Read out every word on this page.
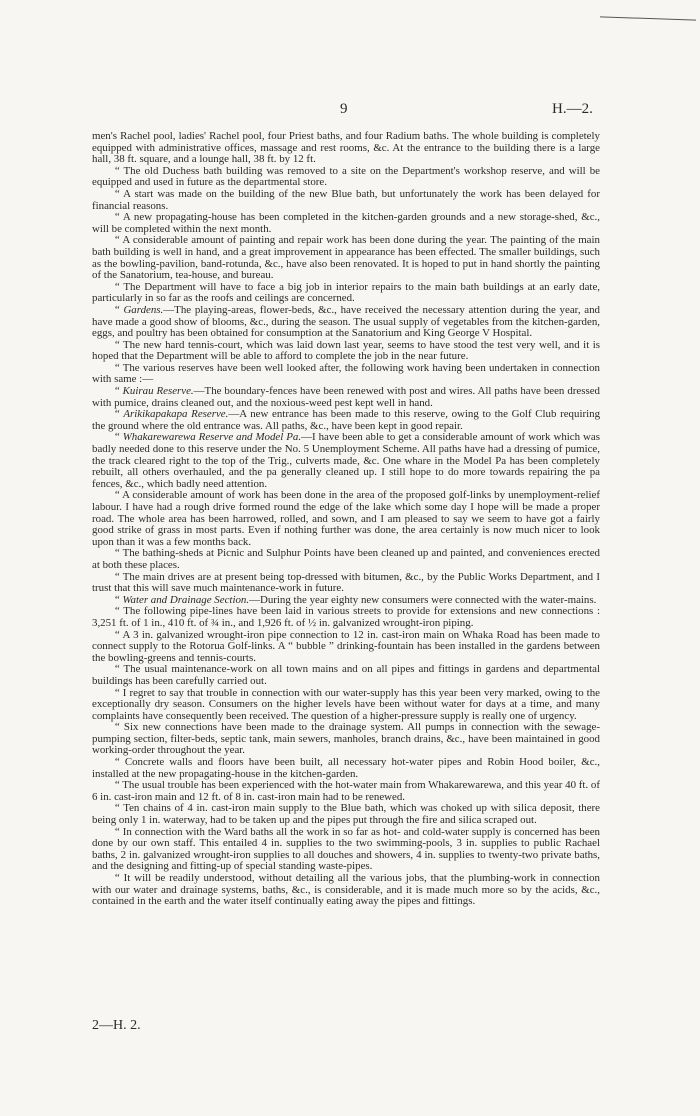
9	H.—2.

men's Rachel pool, ladies' Rachel pool, four Priest baths, and four Radium baths. The whole building is completely equipped with administrative offices, massage and rest rooms, &c. At the entrance to the building there is a large hall, 38 ft. square, and a lounge hall, 38 ft. by 12 ft.

“ The old Duchess bath building was removed to a site on the Department's workshop reserve, and will be equipped and used in future as the departmental store.

“ A start was made on the building of the new Blue bath, but unfortunately the work has been delayed for financial reasons.

“ A new propagating-house has been completed in the kitchen-garden grounds and a new storage-shed, &c., will be completed within the next month.

“ A considerable amount of painting and repair work has been done during the year. The painting of the main bath building is well in hand, and a great improvement in appearance has been effected. The smaller buildings, such as the bowling-pavilion, band-rotunda, &c., have also been renovated. It is hoped to put in hand shortly the painting of the Sanatorium, tea-house, and bureau.

“ The Department will have to face a big job in interior repairs to the main bath buildings at an early date, particularly in so far as the roofs and ceilings are concerned.

“ Gardens.—The playing-areas, flower-beds, &c., have received the necessary attention during the year, and have made a good show of blooms, &c., during the season. The usual supply of vegetables from the kitchen-garden, eggs, and poultry has been obtained for consumption at the Sanatorium and King George V Hospital.

“ The new hard tennis-court, which was laid down last year, seems to have stood the test very well, and it is hoped that the Department will be able to afford to complete the job in the near future.

“ The various reserves have been well looked after, the following work having been undertaken in connection with same :—

“ Kuirau Reserve.—The boundary-fences have been renewed with post and wires. All paths have been dressed with pumice, drains cleaned out, and the noxious-weed pest kept well in hand.

“ Arikikapakapa Reserve.—A new entrance has been made to this reserve, owing to the Golf Club requiring the ground where the old entrance was. All paths, &c., have been kept in good repair.

“ Whakarewarewa Reserve and Model Pa.—I have been able to get a considerable amount of work which was badly needed done to this reserve under the No. 5 Unemployment Scheme. All paths have had a dressing of pumice, the track cleared right to the top of the Trig., culverts made, &c. One whare in the Model Pa has been completely rebuilt, all others overhauled, and the pa generally cleaned up. I still hope to do more towards repairing the pa fences, &c., which badly need attention.

“ A considerable amount of work has been done in the area of the proposed golf-links by unemployment-relief labour. I have had a rough drive formed round the edge of the lake which some day I hope will be made a proper road. The whole area has been harrowed, rolled, and sown, and I am pleased to say we seem to have got a fairly good strike of grass in most parts. Even if nothing further was done, the area certainly is now much nicer to look upon than it was a few months back.

“ The bathing-sheds at Picnic and Sulphur Points have been cleaned up and painted, and conveniences erected at both these places.

“ The main drives are at present being top-dressed with bitumen, &c., by the Public Works Department, and I trust that this will save much maintenance-work in future.

“ Water and Drainage Section.—During the year eighty new consumers were connected with the water-mains.

“ The following pipe-lines have been laid in various streets to provide for extensions and new connections : 3,251 ft. of 1 in., 410 ft. of ¾ in., and 1,926 ft. of ½ in. galvanized wrought-iron piping.

“ A 3 in. galvanized wrought-iron pipe connection to 12 in. cast-iron main on Whaka Road has been made to connect supply to the Rotorua Golf-links. A “ bubble ” drinking-fountain has been installed in the gardens between the bowling-greens and tennis-courts.

“ The usual maintenance-work on all town mains and on all pipes and fittings in gardens and departmental buildings has been carefully carried out.

“ I regret to say that trouble in connection with our water-supply has this year been very marked, owing to the exceptionally dry season. Consumers on the higher levels have been without water for days at a time, and many complaints have consequently been received. The question of a higher-pressure supply is really one of urgency.

“ Six new connections have been made to the drainage system. All pumps in connection with the sewage-pumping section, filter-beds, septic tank, main sewers, manholes, branch drains, &c., have been maintained in good working-order throughout the year.

“ Concrete walls and floors have been built, all necessary hot-water pipes and Robin Hood boiler, &c., installed at the new propagating-house in the kitchen-garden.

“ The usual trouble has been experienced with the hot-water main from Whakarewarewa, and this year 40 ft. of 6 in. cast-iron main and 12 ft. of 8 in. cast-iron main had to be renewed.

“ Ten chains of 4 in. cast-iron main supply to the Blue bath, which was choked up with silica deposit, there being only 1 in. waterway, had to be taken up and the pipes put through the fire and silica scraped out.

“ In connection with the Ward baths all the work in so far as hot- and cold-water supply is concerned has been done by our own staff. This entailed 4 in. supplies to the two swimming-pools, 3 in. supplies to public Rachael baths, 2 in. galvanized wrought-iron supplies to all douches and showers, 4 in. supplies to twenty-two private baths, and the designing and fitting-up of special standing waste-pipes.

“ It will be readily understood, without detailing all the various jobs, that the plumbing-work in connection with our water and drainage systems, baths, &c., is considerable, and it is made much more so by the acids, &c., contained in the earth and the water itself continually eating away the pipes and fittings.

2—H. 2.
